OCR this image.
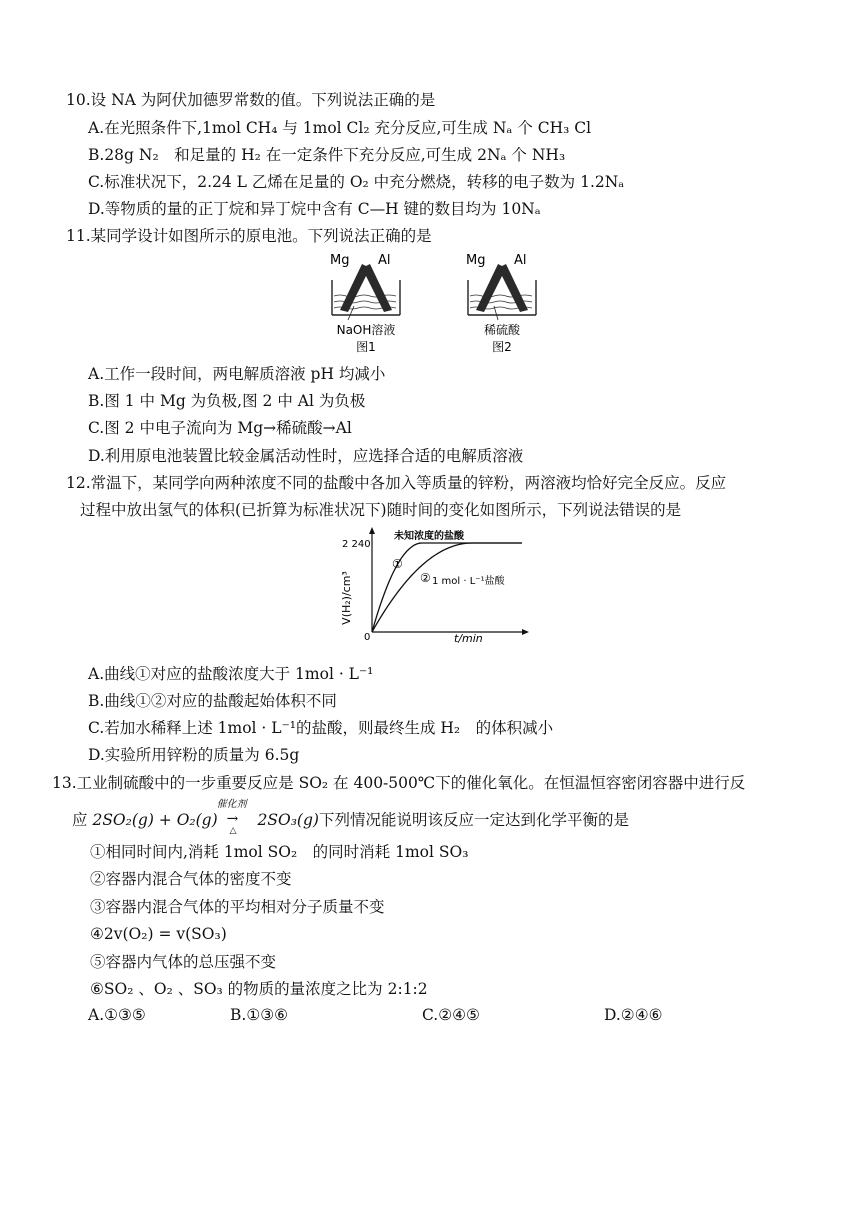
10.设 NA 为阿伏加德罗常数的值。下列说法正确的是
A.在光照条件下,1mol CH₄ 与 1mol Cl₂ 充分反应,可生成 Nₐ 个 CH₃ Cl
B.28g N₂　和足量的 H₂ 在一定条件下充分反应,可生成 2Nₐ 个 NH₃
C.标准状况下，2.24 L 乙烯在足量的 O₂ 中充分燃烧，转移的电子数为 1.2Nₐ
D.等物质的量的正丁烷和异丁烷中含有 C—H 键的数目均为 10Nₐ
11.某同学设计如图所示的原电池。下列说法正确的是
Mg Al
NaOH溶液
图1
Mg Al
稀硫酸
图2
A.工作一段时间，两电解质溶液 pH 均减小
B.图 1 中 Mg 为负极,图 2 中 Al 为负极
C.图 2 中电子流向为 Mg→稀硫酸→Al
D.利用原电池装置比较金属活动性时，应选择合适的电解质溶液
12.常温下，某同学向两种浓度不同的盐酸中各加入等质量的锌粉，两溶液均恰好完全反应。反应
过程中放出氢气的体积(已折算为标准状况下)随时间的变化如图所示，下列说法错误的是
V(H₂)/cm³
2 240
0	t/min
未知浓度的盐酸
1 mol · L⁻¹盐酸
①
②
A.曲线①对应的盐酸浓度大于 1mol · L⁻¹
B.曲线①②对应的盐酸起始体积不同
C.若加水稀释上述 1mol · L⁻¹的盐酸，则最终生成 H₂　的体积减小
D.实验所用锌粉的质量为 6.5g
13.工业制硫酸中的一步重要反应是 SO₂ 在 400-500℃下的催化氧化。在恒温恒容密闭容器中进行反
应 2SO₂(g) + O₂(g)
催化剂
→
△
2SO₃(g)下列情况能说明该反应一定达到化学平衡的是
①相同时间内,消耗 1mol SO₂　的同时消耗 1mol SO₃
②容器内混合气体的密度不变
③容器内混合气体的平均相对分子质量不变
④2v(O₂) = v(SO₃)
⑤容器内气体的总压强不变
⑥SO₂ 、O₂ 、SO₃ 的物质的量浓度之比为 2:1:2
A.①③⑤	B.①③⑥	C.②④⑤	D.②④⑥
